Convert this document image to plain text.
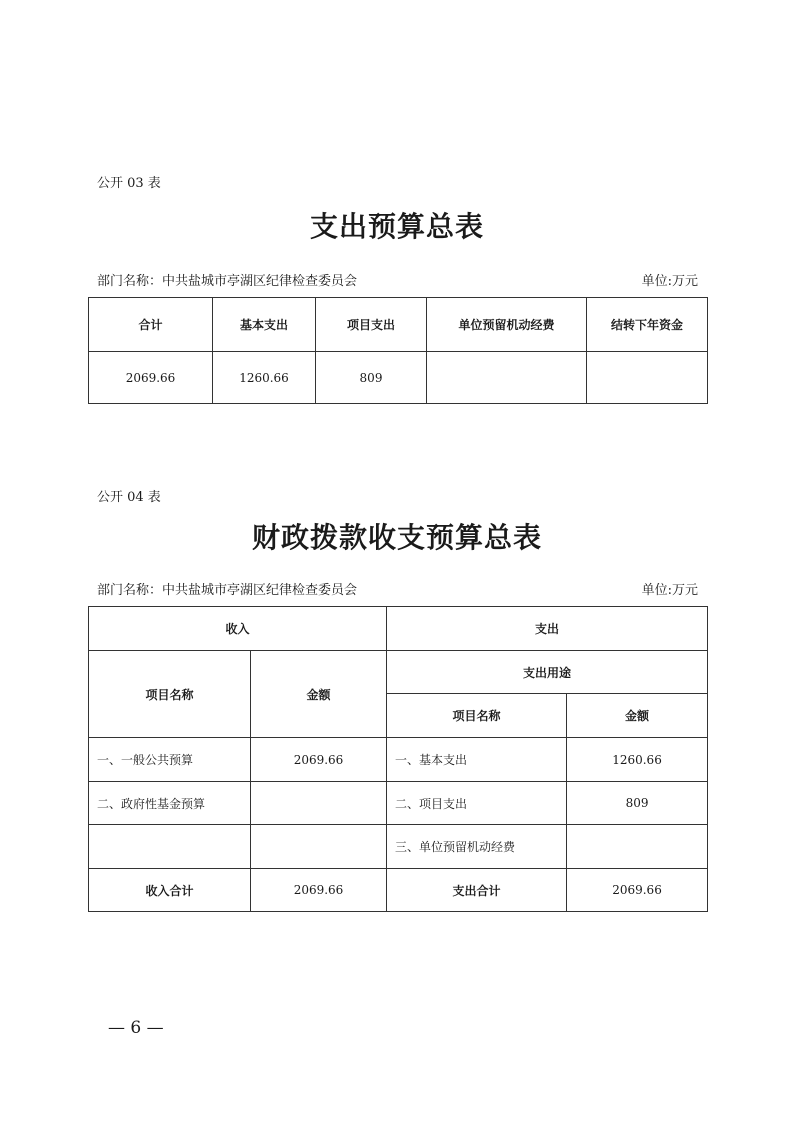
公开 03 表
支出预算总表
部门名称：中共盐城市亭湖区纪律检查委员会	单位:万元
合计	基本支出	项目支出	单位预留机动经费	结转下年资金
2069.66	1260.66	809		
公开 04 表
财政拨款收支预算总表
部门名称：中共盐城市亭湖区纪律检查委员会	单位:万元
收入		支出	
项目名称	金额	支出用途	
		项目名称	金额
一、一般公共预算	2069.66	一、基本支出	1260.66
二、政府性基金预算		二、项目支出	809
		三、单位预留机动经费	
收入合计	2069.66	支出合计	2069.66
— 6 —
